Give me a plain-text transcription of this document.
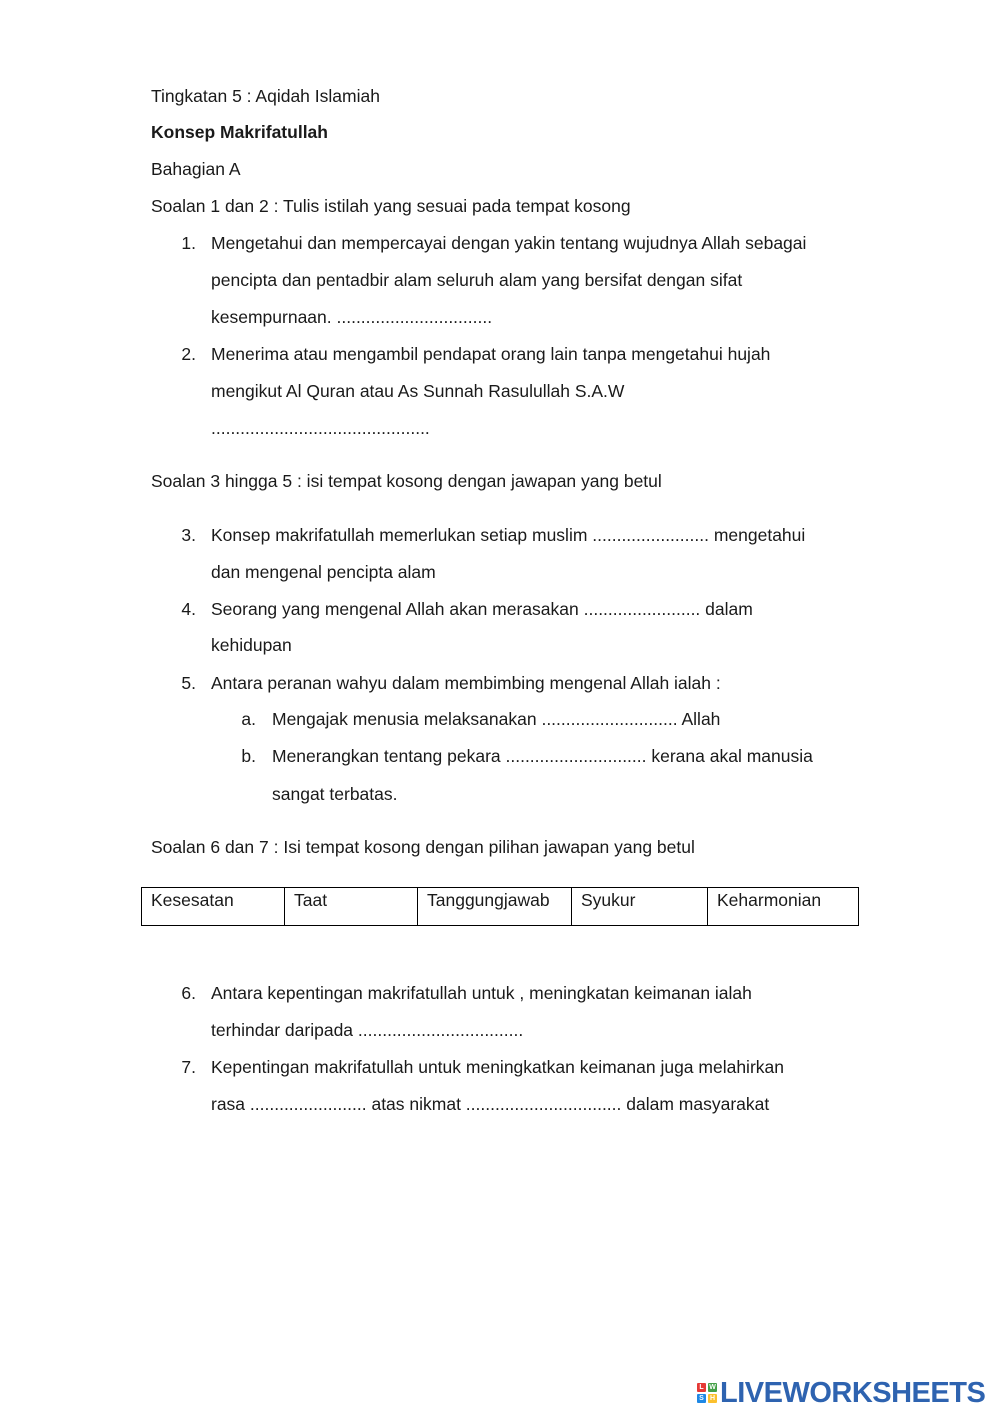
Tingkatan 5 : Aqidah Islamiah
Konsep Makrifatullah
Bahagian A
Soalan 1 dan 2 : Tulis istilah yang sesuai pada tempat kosong
1. Mengetahui dan mempercayai dengan yakin tentang wujudnya Allah sebagai
pencipta dan pentadbir alam seluruh alam yang bersifat dengan sifat
kesempurnaan. ................................
2. Menerima atau mengambil pendapat orang lain tanpa mengetahui hujah
mengikut Al Quran atau As Sunnah Rasulullah S.A.W
.............................................
Soalan 3 hingga 5 : isi tempat kosong dengan jawapan yang betul
3. Konsep makrifatullah memerlukan setiap muslim ........................ mengetahui
dan mengenal pencipta alam
4. Seorang yang mengenal Allah akan merasakan ........................ dalam
kehidupan
5. Antara peranan wahyu dalam membimbing mengenal Allah ialah :
a. Mengajak menusia melaksanakan ............................ Allah
b. Menerangkan tentang pekara ............................. kerana akal manusia
sangat terbatas.
Soalan 6 dan 7 : Isi tempat kosong dengan pilihan jawapan yang betul
Kesesatan	Taat	Tanggungjawab	Syukur	Keharmonian
6. Antara kepentingan makrifatullah untuk , meningkatan keimanan ialah
terhindar daripada ..................................
7. Kepentingan makrifatullah untuk meningkatkan keimanan juga melahirkan
rasa ........................ atas nikmat ................................ dalam masyarakat
L W
S H LIVEWORKSHEETS
